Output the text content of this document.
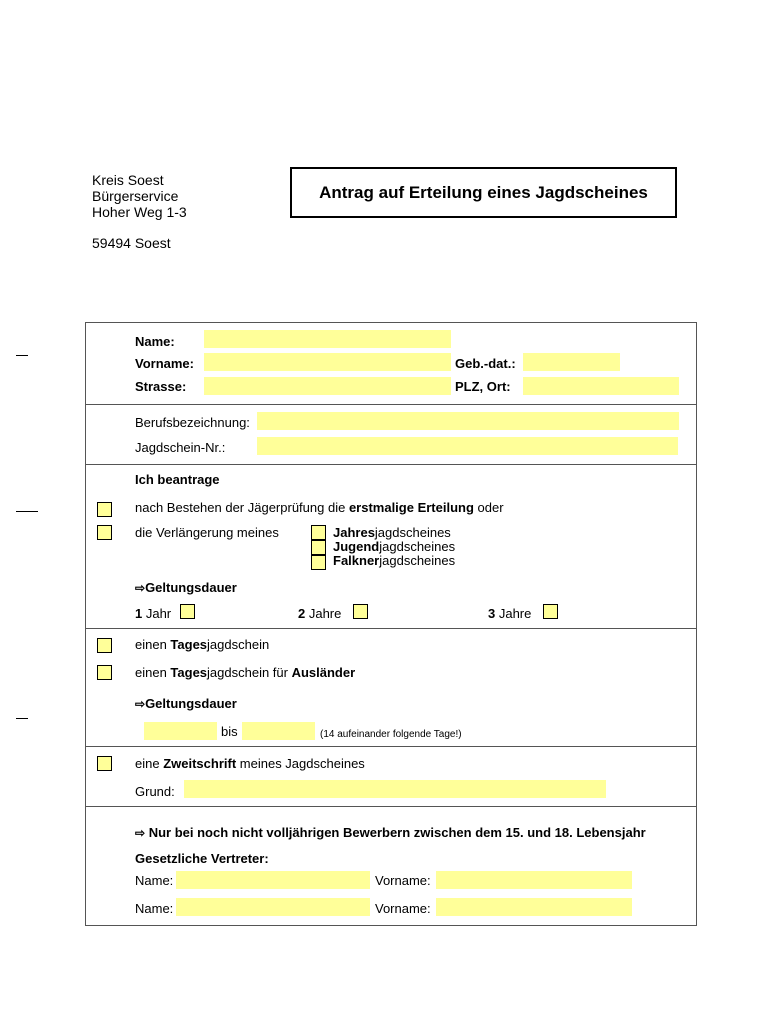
Kreis Soest
Bürgerservice
Hoher Weg 1-3
59494 Soest
Antrag auf Erteilung eines Jagdscheines
Name:
Vorname:	Geb.-dat.:
Strasse:	PLZ, Ort:
Berufsbezeichnung:
Jagdschein-Nr.:
Ich beantrage
nach Bestehen der Jägerprüfung die erstmalige Erteilung oder
die Verlängerung meines	Jahresjagdscheines
Jugendjagdscheines
Falknerjagdscheines
⇨Geltungsdauer
1 Jahr	2 Jahre	3 Jahre
einen Tagesjagdschein
einen Tagesjagdschein für Ausländer
⇨Geltungsdauer
bis	(14 aufeinander folgende Tage!)
eine Zweitschrift meines Jagdscheines
Grund:
⇨ Nur bei noch nicht volljährigen Bewerbern zwischen dem 15. und 18. Lebensjahr
Gesetzliche Vertreter:
Name:	Vorname:
Name:	Vorname:
